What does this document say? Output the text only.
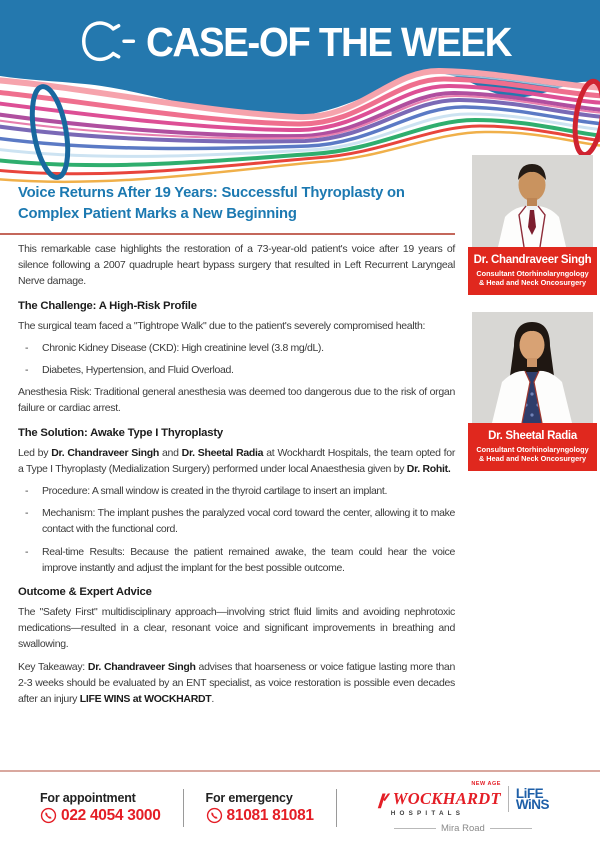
CASE-OF THE WEEK
Voice Returns After 19 Years: Successful Thyroplasty on Complex Patient Marks a New Beginning

This remarkable case highlights the restoration of a 73-year-old patient's voice after 19 years of silence following a 2007 quadruple heart bypass surgery that resulted in Left Recurrent Laryngeal Nerve damage.

The Challenge: A High-Risk Profile

The surgical team faced a "Tightrope Walk" due to the patient's severely compromised health:

-	Chronic Kidney Disease (CKD): High creatinine level (3.8 mg/dL).
-	Diabetes, Hypertension, and Fluid Overload.

Anesthesia Risk: Traditional general anesthesia was deemed too dangerous due to the risk of organ failure or cardiac arrest.

The Solution: Awake Type I Thyroplasty

Led by Dr. Chandraveer Singh and Dr. Sheetal Radia at Wockhardt Hospitals, the team opted for a Type I Thyroplasty (Medialization Surgery) performed under local Anaesthesia given by Dr. Rohit.

-	Procedure: A small window is created in the thyroid cartilage to insert an implant.
-	Mechanism: The implant pushes the paralyzed vocal cord toward the center, allowing it to make contact with the functional cord.
-	Real-time Results: Because the patient remained awake, the team could hear the voice improve instantly and adjust the implant for the best possible outcome.
Outcome & Expert Advice

The "Safety First" multidisciplinary approach—involving strict fluid limits and avoiding nephrotoxic medications—resulted in a clear, resonant voice and significant improvements in breathing and swallowing.

Key Takeaway: Dr. Chandraveer Singh advises that hoarseness or voice fatigue lasting more than 2-3 weeks should be evaluated by an ENT specialist, as voice restoration is possible even decades after an injury LIFE WINS at WOCKHARDT.

Dr. Chandraveer Singh
Consultant Otorhinolaryngology
& Head and Neck Oncosurgery
Dr. Sheetal Radia
Consultant Otorhinolaryngology
& Head and Neck Oncosurgery
For appointment
022 4054 3000
For emergency
81081 81081
NEW AGE
WOCKHARDT
HOSPITALS
LiFE
WiNS
Mira Road
